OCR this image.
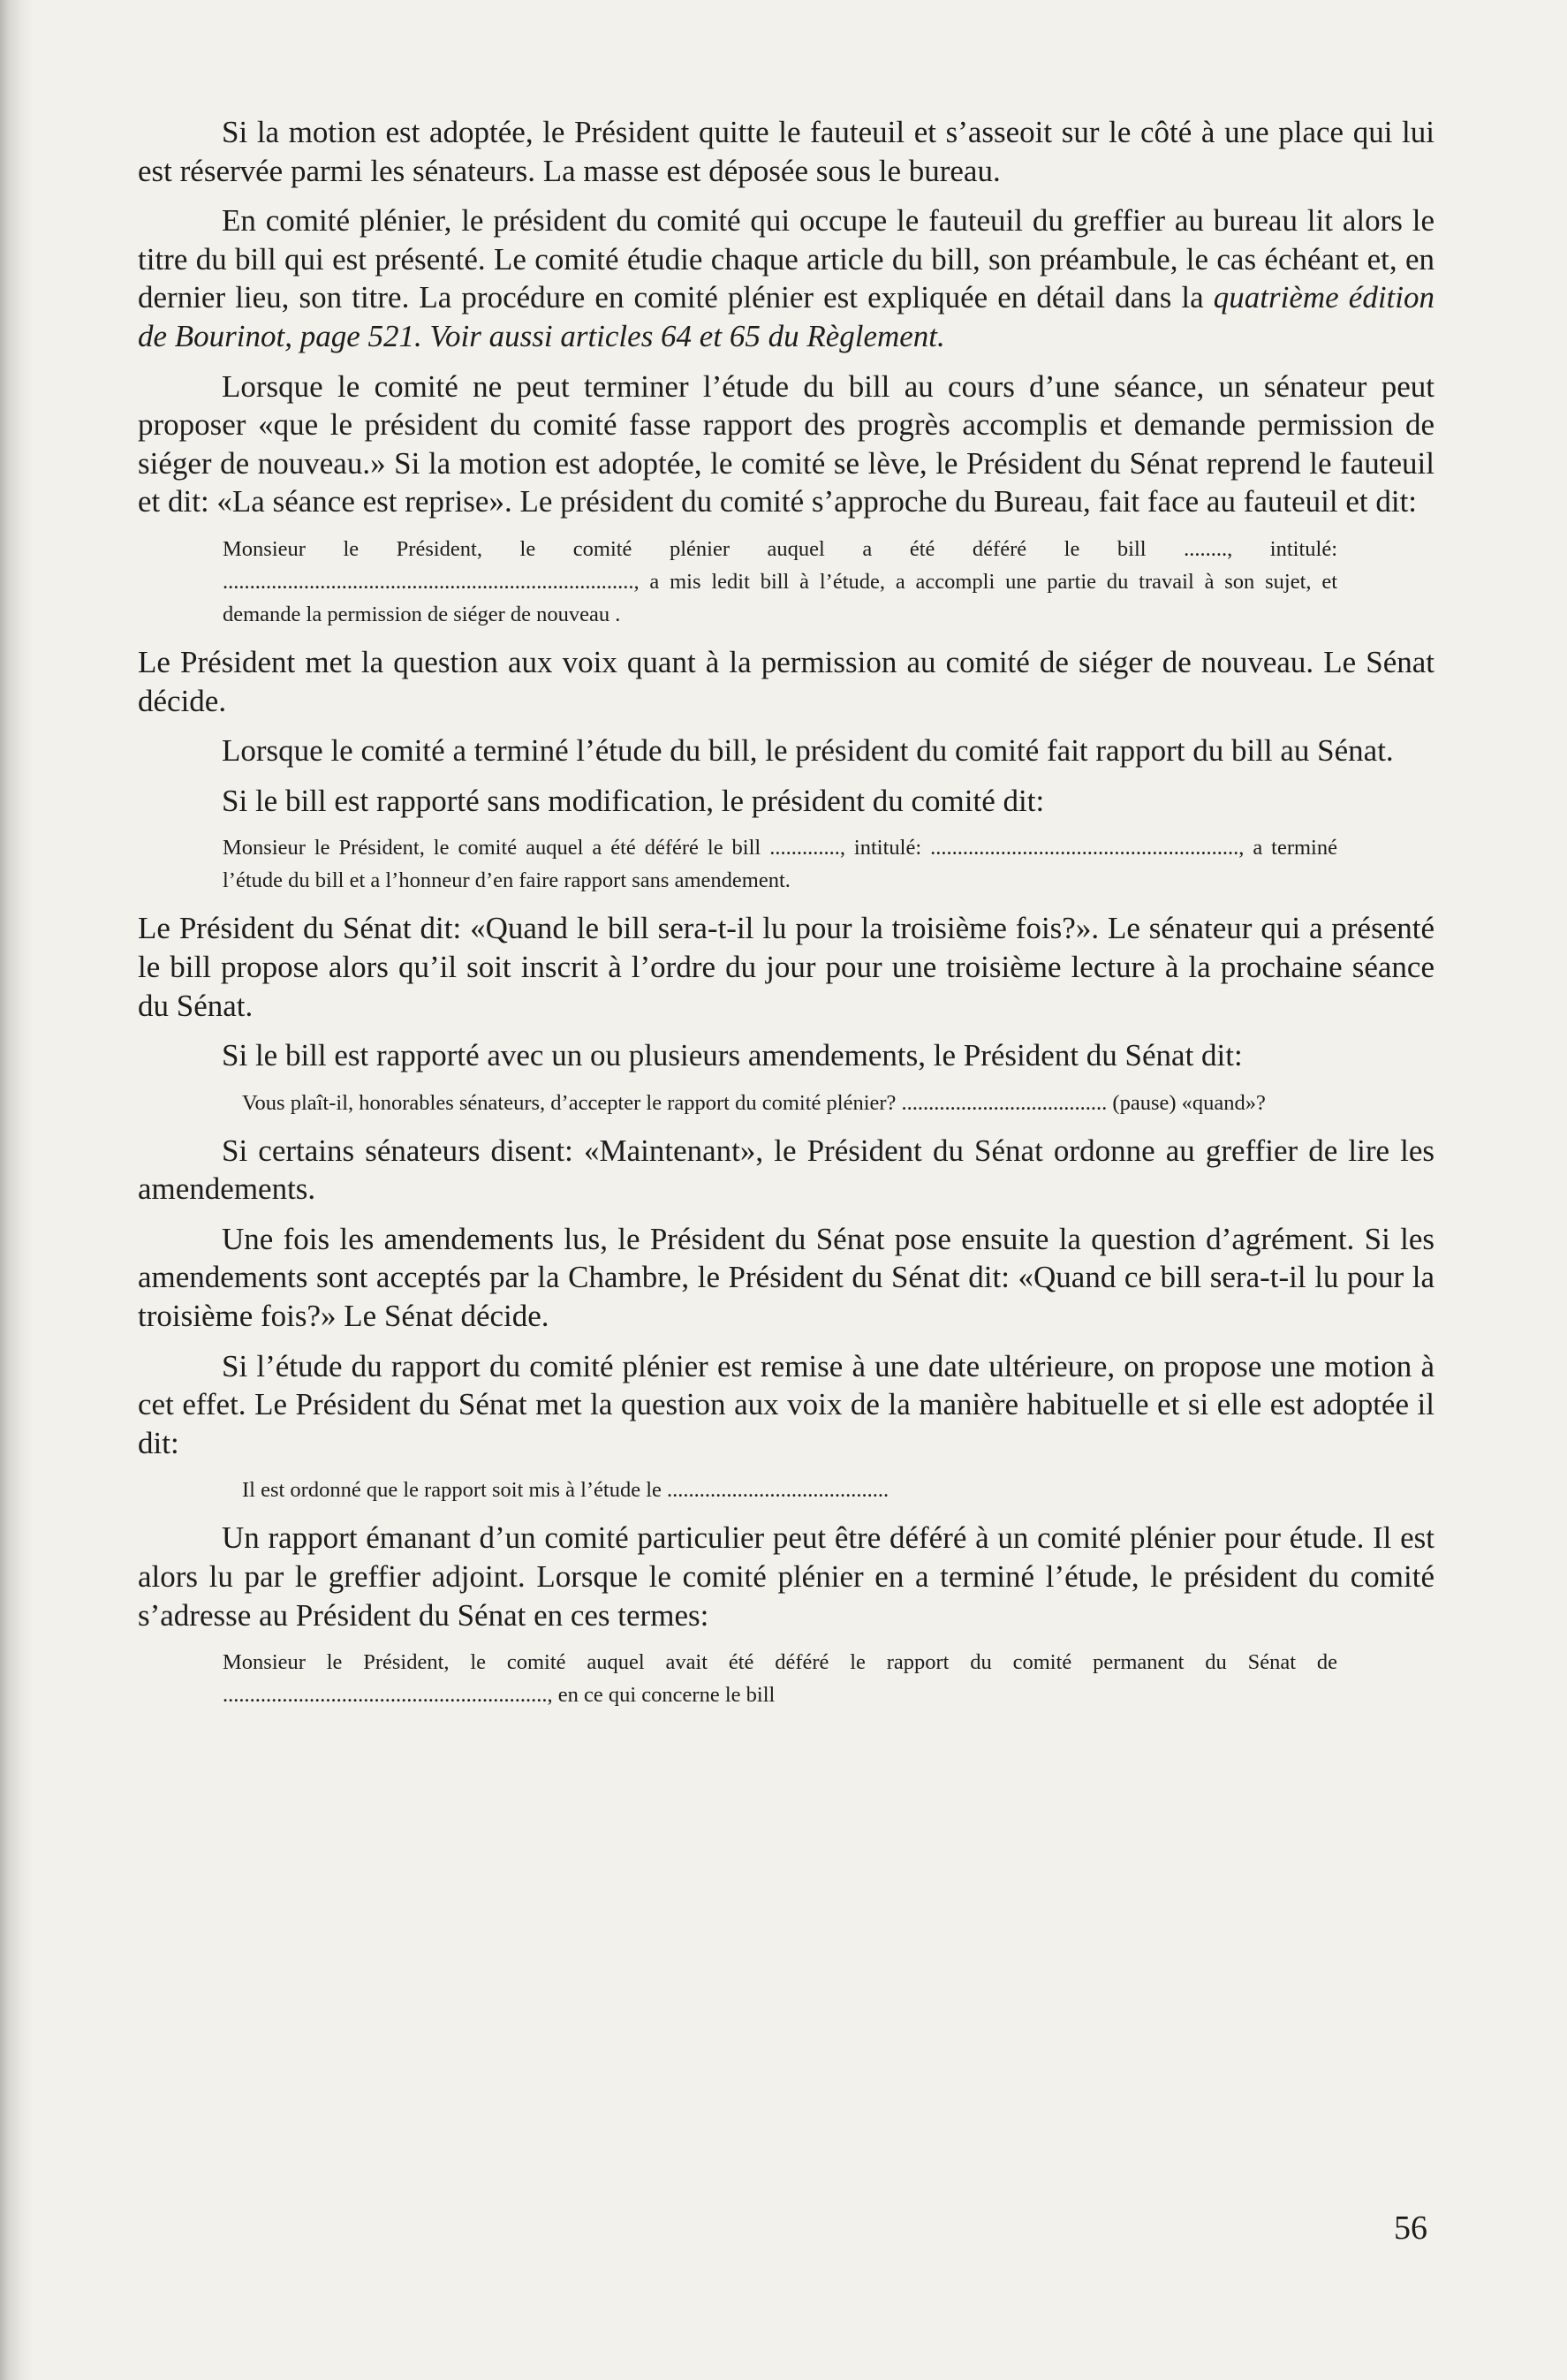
Si la motion est adoptée, le Président quitte le fauteuil et s’asseoit sur le côté à une place qui lui est réservée parmi les sénateurs. La masse est déposée sous le bureau.

En comité plénier, le président du comité qui occupe le fauteuil du greffier au bureau lit alors le titre du bill qui est présenté. Le comité étudie chaque article du bill, son préambule, le cas échéant et, en dernier lieu, son titre. La procédure en comité plénier est expliquée en détail dans la quatrième édition de Bourinot, page 521. Voir aussi articles 64 et 65 du Règlement.

Lorsque le comité ne peut terminer l’étude du bill au cours d’une séance, un sénateur peut proposer «que le président du comité fasse rapport des progrès accomplis et demande permission de siéger de nouveau.» Si la motion est adoptée, le comité se lève, le Président du Sénat reprend le fauteuil et dit: «La séance est reprise». Le président du comité s’approche du Bureau, fait face au fauteuil et dit:

Monsieur le Président, le comité plénier auquel a été déféré le bill ........, intitulé: ............................................................................, a mis ledit bill à l’étude, a accompli une partie du travail à son sujet, et demande la permission de siéger de nouveau .

Le Président met la question aux voix quant à la permission au comité de siéger de nouveau. Le Sénat décide.

Lorsque le comité a terminé l’étude du bill, le président du comité fait rapport du bill au Sénat.

Si le bill est rapporté sans modification, le président du comité dit:

Monsieur le Président, le comité auquel a été déféré le bill ............., intitulé: ........................................................., a terminé l’étude du bill et a l’honneur d’en faire rapport sans amendement.

Le Président du Sénat dit: «Quand le bill sera-t-il lu pour la troisième fois?». Le sénateur qui a présenté le bill propose alors qu’il soit inscrit à l’ordre du jour pour une troisième lecture à la prochaine séance du Sénat.

Si le bill est rapporté avec un ou plusieurs amendements, le Président du Sénat dit:

Vous plaît-il, honorables sénateurs, d’accepter le rapport du comité plénier? ...................................... (pause) «quand»?

Si certains sénateurs disent: «Maintenant», le Président du Sénat ordonne au greffier de lire les amendements.

Une fois les amendements lus, le Président du Sénat pose ensuite la question d’agrément. Si les amendements sont acceptés par la Chambre, le Président du Sénat dit: «Quand ce bill sera-t-il lu pour la troisième fois?» Le Sénat décide.

Si l’étude du rapport du comité plénier est remise à une date ultérieure, on propose une motion à cet effet. Le Président du Sénat met la question aux voix de la manière habituelle et si elle est adoptée il dit:

Il est ordonné que le rapport soit mis à l’étude le .........................................

Un rapport émanant d’un comité particulier peut être déféré à un comité plénier pour étude. Il est alors lu par le greffier adjoint. Lorsque le comité plénier en a terminé l’étude, le président du comité s’adresse au Président du Sénat en ces termes:

Monsieur le Président, le comité auquel avait été déféré le rapport du comité permanent du Sénat de ............................................................, en ce qui concerne le bill

56
